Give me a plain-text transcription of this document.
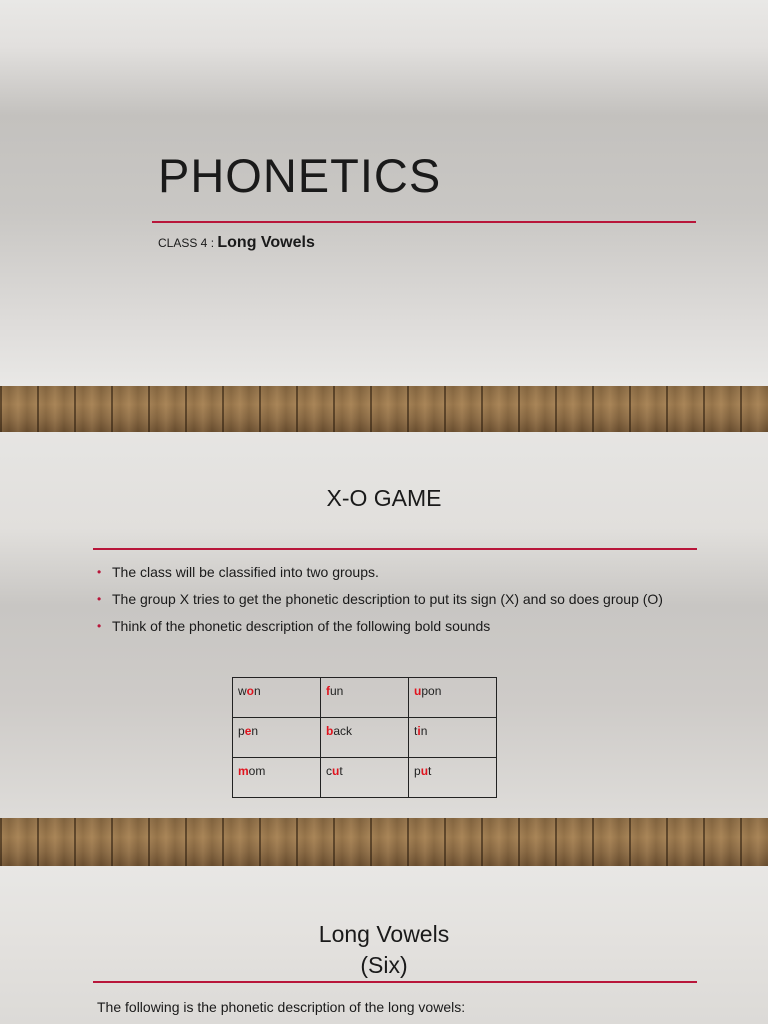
PHONETICS
CLASS 4 : Long Vowels
X-O GAME
• The class will be classified into two groups.
• The group X tries to get the phonetic description to put its sign (X) and so does group (O)
• Think of the phonetic description of the following bold sounds
won	fun	upon
pen	back	tin
mom	cut	put
Long Vowels
(Six)
The following is the phonetic description of the long vowels:
